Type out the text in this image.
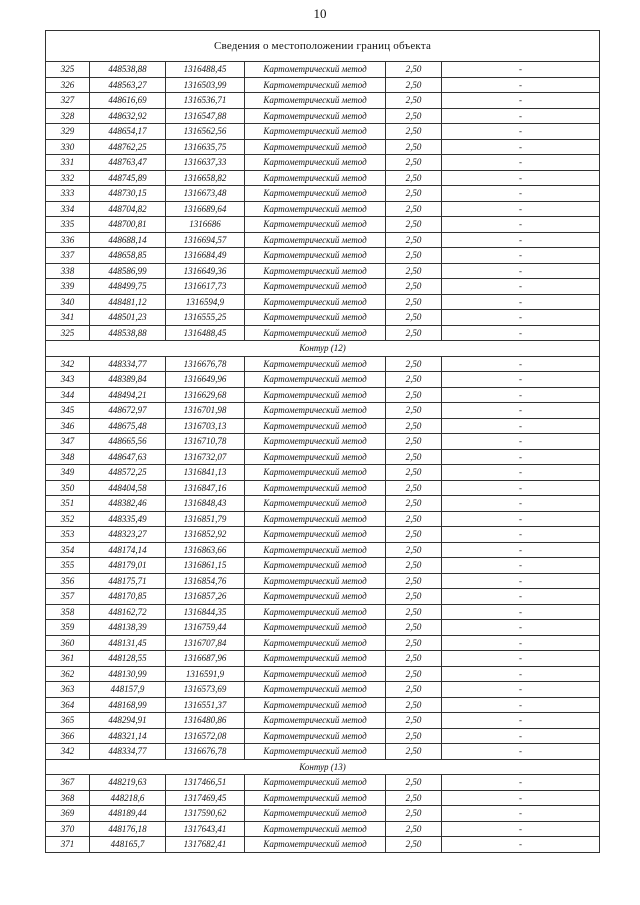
10
Сведения о местоположении границ объекта					
325	448538,88	1316488,45	Картометрический метод	2,50	-
326	448563,27	1316503,99	Картометрический метод	2,50	-
327	448616,69	1316536,71	Картометрический метод	2,50	-
328	448632,92	1316547,88	Картометрический метод	2,50	-
329	448654,17	1316562,56	Картометрический метод	2,50	-
330	448762,25	1316635,75	Картометрический метод	2,50	-
331	448763,47	1316637,33	Картометрический метод	2,50	-
332	448745,89	1316658,82	Картометрический метод	2,50	-
333	448730,15	1316673,48	Картометрический метод	2,50	-
334	448704,82	1316689,64	Картометрический метод	2,50	-
335	448700,81	1316686	Картометрический метод	2,50	-
336	448688,14	1316694,57	Картометрический метод	2,50	-
337	448658,85	1316684,49	Картометрический метод	2,50	-
338	448586,99	1316649,36	Картометрический метод	2,50	-
339	448499,75	1316617,73	Картометрический метод	2,50	-
340	448481,12	1316594,9	Картометрический метод	2,50	-
341	448501,23	1316555,25	Картометрический метод	2,50	-
325	448538,88	1316488,45	Картометрический метод	2,50	-
Контур (12)					
342	448334,77	1316676,78	Картометрический метод	2,50	-
343	448389,84	1316649,96	Картометрический метод	2,50	-
344	448494,21	1316629,68	Картометрический метод	2,50	-
345	448672,97	1316701,98	Картометрический метод	2,50	-
346	448675,48	1316703,13	Картометрический метод	2,50	-
347	448665,56	1316710,78	Картометрический метод	2,50	-
348	448647,63	1316732,07	Картометрический метод	2,50	-
349	448572,25	1316841,13	Картометрический метод	2,50	-
350	448404,58	1316847,16	Картометрический метод	2,50	-
351	448382,46	1316848,43	Картометрический метод	2,50	-
352	448335,49	1316851,79	Картометрический метод	2,50	-
353	448323,27	1316852,92	Картометрический метод	2,50	-
354	448174,14	1316863,66	Картометрический метод	2,50	-
355	448179,01	1316861,15	Картометрический метод	2,50	-
356	448175,71	1316854,76	Картометрический метод	2,50	-
357	448170,85	1316857,26	Картометрический метод	2,50	-
358	448162,72	1316844,35	Картометрический метод	2,50	-
359	448138,39	1316759,44	Картометрический метод	2,50	-
360	448131,45	1316707,84	Картометрический метод	2,50	-
361	448128,55	1316687,96	Картометрический метод	2,50	-
362	448130,99	1316591,9	Картометрический метод	2,50	-
363	448157,9	1316573,69	Картометрический метод	2,50	-
364	448168,99	1316551,37	Картометрический метод	2,50	-
365	448294,91	1316480,86	Картометрический метод	2,50	-
366	448321,14	1316572,08	Картометрический метод	2,50	-
342	448334,77	1316676,78	Картометрический метод	2,50	-
Контур (13)					
367	448219,63	1317466,51	Картометрический метод	2,50	-
368	448218,6	1317469,45	Картометрический метод	2,50	-
369	448189,44	1317590,62	Картометрический метод	2,50	-
370	448176,18	1317643,41	Картометрический метод	2,50	-
371	448165,7	1317682,41	Картометрический метод	2,50	-
